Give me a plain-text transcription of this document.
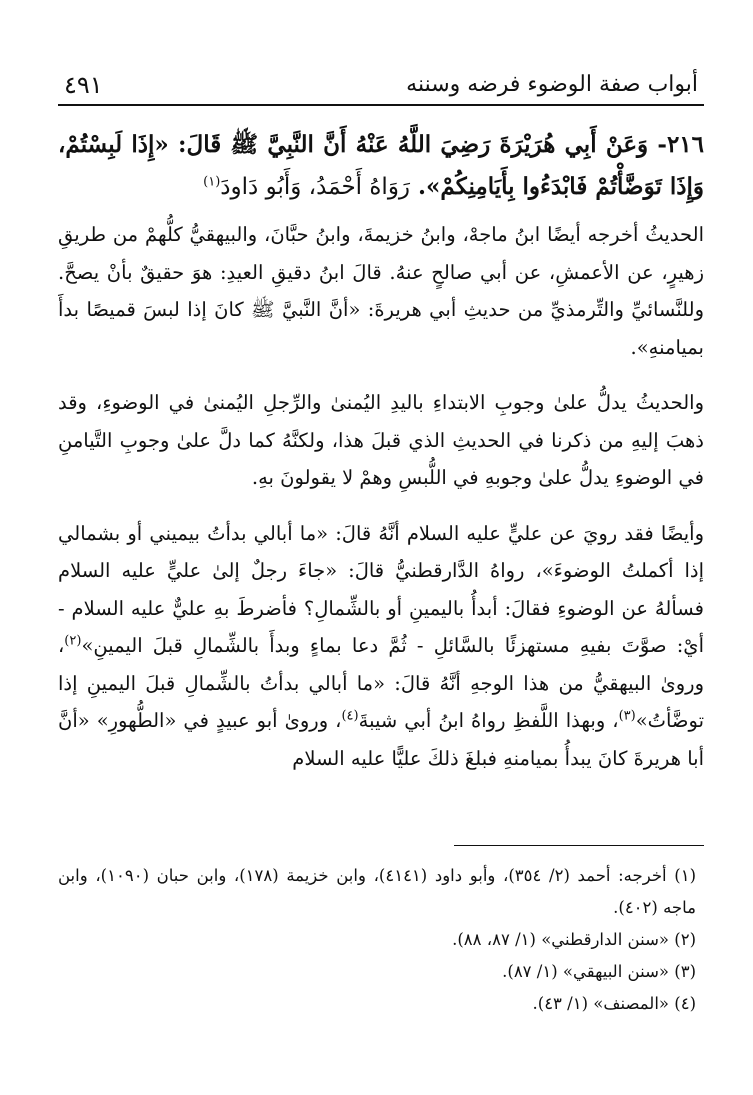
أبواب صفة الوضوء فرضه وسننه
٤٩١
٢١٦- وَعَنْ أَبِي هُرَيْرَةَ رَضِيَ اللَّهُ عَنْهُ أَنَّ النَّبِيَّ ﷺ قَالَ: «إِذَا لَبِسْتُمْ، وَإِذَا تَوَضَّأْتُمْ فَابْدَءُوا بِأَيَامِنِكُمْ». رَوَاهُ أَحْمَدُ، وَأَبُو دَاودَ$^{(١)}$

الحديثُ أخرجه أيضًا ابنُ ماجهْ، وابنُ خزيمةَ، وابنُ حبَّانَ، والبيهقيُّ كلُّهمْ من طريقِ زهيرٍ، عن الأعمشِ، عن أبي صالحٍ عنهُ. قالَ ابنُ دقيقِ العيدِ: هوَ حقيقٌ بأنْ يصحَّ. وللنَّسائيِّ والتِّرمذيِّ من حديثِ أبي هريرةَ: «أنَّ النَّبيَّ ﷺ كانَ إذا لبسَ قميصًا بدأَ بميامنهِ».

والحديثُ يدلُّ علىٰ وجوبِ الابتداءِ باليدِ اليُمنىٰ والرِّجلِ اليُمنىٰ في الوضوءِ، وقد ذهبَ إليهِ من ذكرنا في الحديثِ الذي قبلَ هذا، ولكنَّهُ كما دلَّ علىٰ وجوبِ التَّيامنِ في الوضوءِ يدلُّ علىٰ وجوبهِ في اللُّبسِ وهمْ لا يقولونَ بهِ.

وأيضًا فقد رويَ عن عليٍّ عليه السلام أنَّهُ قالَ: «ما أبالي بدأتُ بيميني أو بشمالي إذا أكملتُ الوضوءَ»، رواهُ الدَّارقطنيُّ قالَ: «جاءَ رجلٌ إلىٰ عليٍّ عليه السلام فسألهُ عن الوضوءِ فقالَ: أبدأُ باليمينِ أو بالشِّمالِ؟ فأضرطَ بهِ عليٌّ عليه السلام - أيْ: صوَّتَ بفيهِ مستهزئًا بالسَّائلِ - ثُمَّ دعا بماءٍ وبدأَ بالشِّمالِ قبلَ اليمينِ»$^{(٢)}$، وروىٰ البيهقيُّ من هذا الوجهِ أنَّهُ قالَ: «ما أبالي بدأتُ بالشِّمالِ قبلَ اليمينِ إذا توضَّأتُ»$^{(٣)}$، وبهذا اللَّفظِ رواهُ ابنُ أبي شيبةَ$^{(٤)}$، وروىٰ أبو عبيدٍ في «الطُّهورِ» «أنَّ أبا هريرةَ كانَ يبدأُ بميامنهِ فبلغَ ذلكَ عليًّا عليه السلام

(١) أخرجه: أحمد (٢/ ٣٥٤)، وأبو داود (٤١٤١)، وابن خزيمة (١٧٨)، وابن حبان (١٠٩٠)، وابن ماجه (٤٠٢).
(٢) «سنن الدارقطني» (١/ ٨٧، ٨٨).
(٣) «سنن البيهقي» (١/ ٨٧).
(٤) «المصنف» (١/ ٤٣).
